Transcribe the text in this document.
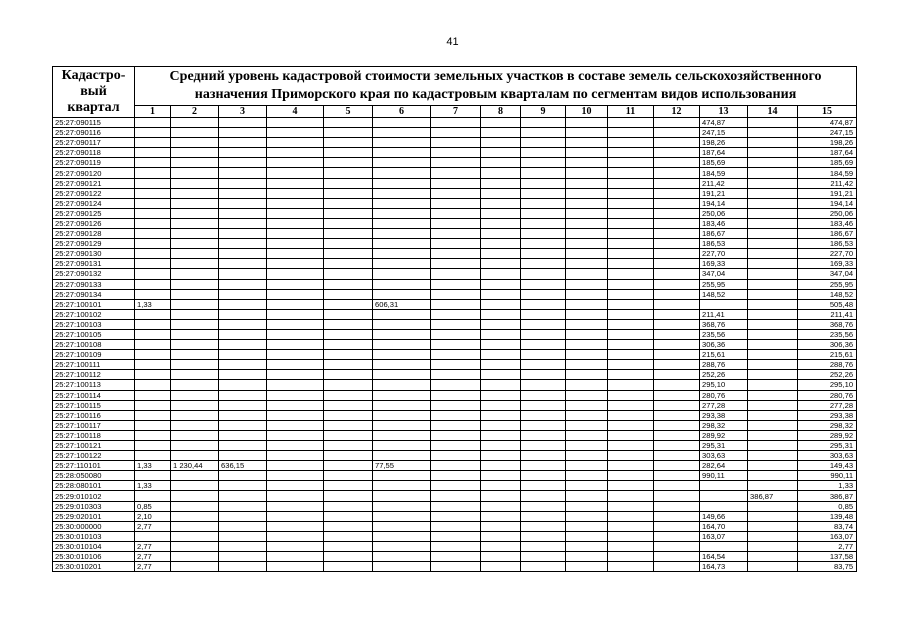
41
Кадастро-вый квартал	Средний уровень кадастровой стоимости земельных участков в составе земель сельскохозяйственного назначения Приморского края по кадастровым кварталам по сегментам видов использования														
	1	2	3	4	5	6	7	8	9	10	11	12	13	14	15
25:27:090115													474,87		474,87
25:27:090116													247,15		247,15
25:27:090117													198,26		198,26
25:27:090118													187,64		187,64
25:27:090119													185,69		185,69
25:27:090120													184,59		184,59
25:27:090121													211,42		211,42
25:27:090122													191,21		191,21
25:27:090124													194,14		194,14
25:27:090125													250,06		250,06
25:27:090126													183,46		183,46
25:27:090128													186,67		186,67
25:27:090129													186,53		186,53
25:27:090130													227,70		227,70
25:27:090131													169,33		169,33
25:27:090132													347,04		347,04
25:27:090133													255,95		255,95
25:27:090134													148,52		148,52
25:27:100101	1,33					606,31									505,48
25:27:100102													211,41		211,41
25:27:100103													368,76		368,76
25:27:100105													235,56		235,56
25:27:100108													306,36		306,36
25:27:100109													215,61		215,61
25:27:100111													288,76		288,76
25:27:100112													252,26		252,26
25:27:100113													295,10		295,10
25:27:100114													280,76		280,76
25:27:100115													277,28		277,28
25:27:100116													293,38		293,38
25:27:100117													298,32		298,32
25:27:100118													289,92		289,92
25:27:100121													295,31		295,31
25:27:100122													303,63		303,63
25:27:110101	1,33	1 230,44	636,15			77,55							282,64		149,43
25:28:050080													990,11		990,11
25:28:080101	1,33														1,33
25:29:010102														386,87	386,87
25:29:010303	0,85														0,85
25:29:020101	2,10												149,66		139,48
25:30:000000	2,77												164,70		83,74
25:30:010103													163,07		163,07
25:30:010104	2,77														2,77
25:30:010106	2,77												164,54		137,58
25:30:010201	2,77												164,73		83,75
